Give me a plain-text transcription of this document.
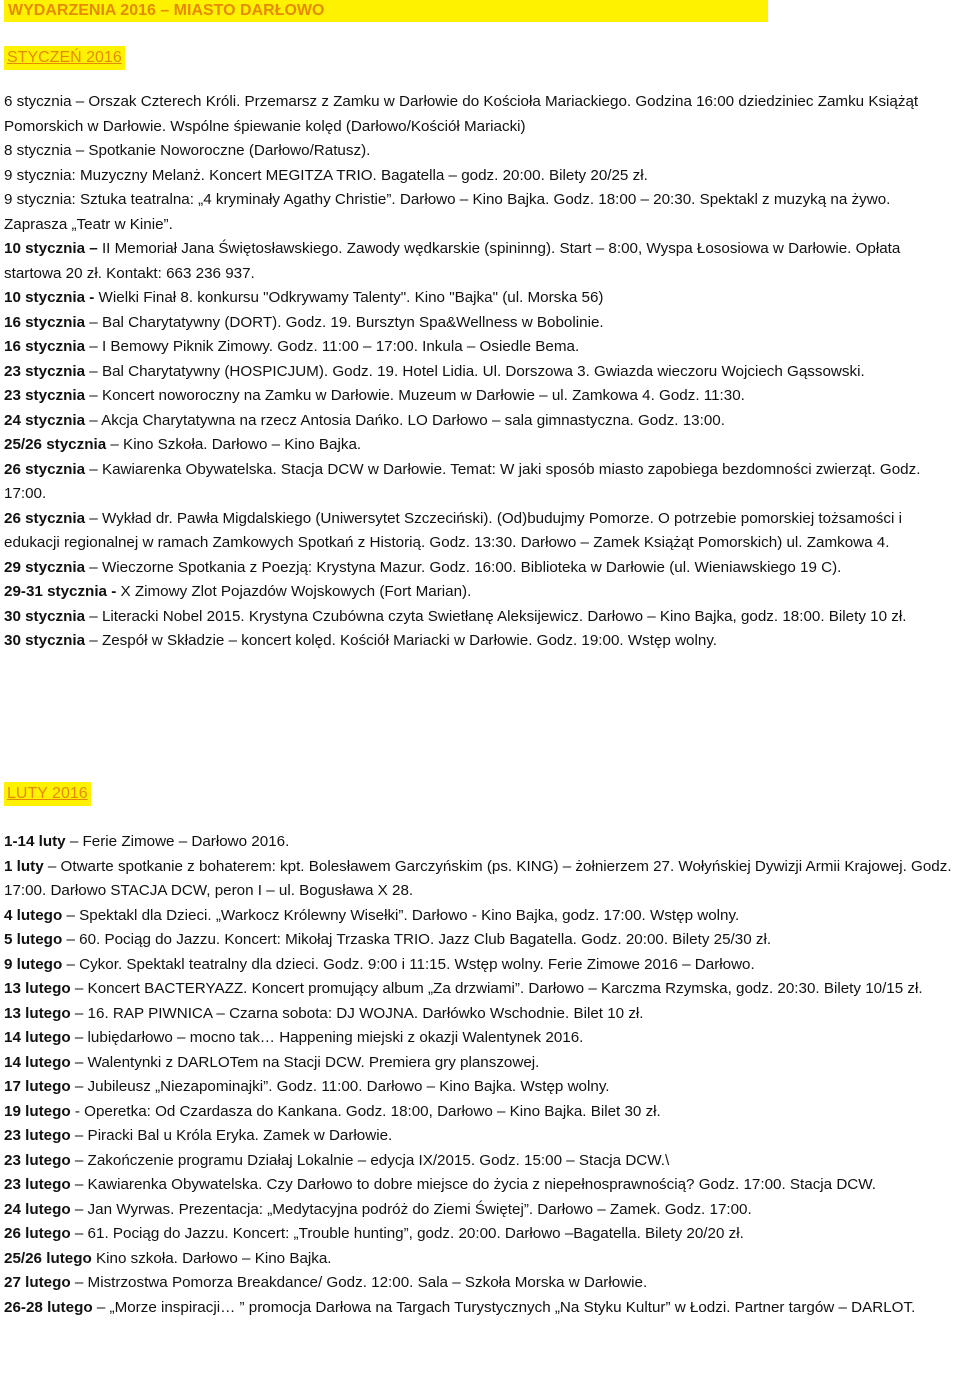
WYDARZENIA 2016 – MIASTO DARŁOWO
STYCZEŃ 2016
6 stycznia – Orszak Czterech Króli. Przemarsz z Zamku w Darłowie do Kościoła Mariackiego. Godzina 16:00 dziedziniec Zamku Książąt Pomorskich w Darłowie. Wspólne śpiewanie kolęd (Darłowo/Kościół Mariacki)
8 stycznia – Spotkanie Noworoczne (Darłowo/Ratusz).
9 stycznia: Muzyczny Melanż. Koncert MEGITZA TRIO. Bagatella – godz. 20:00. Bilety 20/25 zł.
9 stycznia: Sztuka teatralna: „4 kryminały Agathy Christie”. Darłowo – Kino Bajka. Godz. 18:00 – 20:30. Spektakl z muzyką na żywo. Zaprasza „Teatr w Kinie”.
10 stycznia – II Memoriał Jana Świętosławskiego. Zawody wędkarskie (spininng). Start – 8:00, Wyspa Łososiowa w Darłowie. Opłata startowa 20 zł. Kontakt: 663 236 937.
10 stycznia - Wielki Finał 8. konkursu "Odkrywamy Talenty". Kino "Bajka" (ul. Morska 56)
16 stycznia – Bal Charytatywny (DORT). Godz. 19. Bursztyn Spa&Wellness w Bobolinie.
16 stycznia – I Bemowy Piknik Zimowy. Godz. 11:00 – 17:00. Inkula – Osiedle Bema.
23 stycznia – Bal Charytatywny (HOSPICJUM). Godz. 19. Hotel Lidia. Ul. Dorszowa 3. Gwiazda wieczoru Wojciech Gąssowski.
23 stycznia – Koncert noworoczny na Zamku w Darłowie. Muzeum w Darłowie – ul. Zamkowa 4. Godz. 11:30.
24 stycznia – Akcja Charytatywna na rzecz Antosia Dańko. LO Darłowo – sala gimnastyczna. Godz. 13:00.
25/26 stycznia – Kino Szkoła. Darłowo – Kino Bajka.
26 stycznia – Kawiarenka Obywatelska. Stacja DCW w Darłowie. Temat: W jaki sposób miasto zapobiega bezdomności zwierząt. Godz. 17:00.
26 stycznia – Wykład dr. Pawła Migdalskiego (Uniwersytet Szczeciński). (Od)budujmy Pomorze. O potrzebie pomorskiej tożsamości i edukacji regionalnej w ramach Zamkowych Spotkań z Historią. Godz. 13:30. Darłowo – Zamek Książąt Pomorskich) ul. Zamkowa 4.
29 stycznia – Wieczorne Spotkania z Poezją: Krystyna Mazur. Godz. 16:00. Biblioteka w Darłowie (ul. Wieniawskiego 19 C).
29-31 stycznia - X Zimowy Zlot Pojazdów Wojskowych (Fort Marian).
30 stycznia – Literacki Nobel 2015. Krystyna Czubówna czyta Swietłanę Aleksijewicz. Darłowo – Kino Bajka, godz. 18:00. Bilety 10 zł.
30 stycznia – Zespół w Składzie – koncert kolęd. Kościół Mariacki w Darłowie. Godz. 19:00. Wstęp wolny.
LUTY 2016
1-14 luty – Ferie Zimowe – Darłowo 2016.
1 luty – Otwarte spotkanie z bohaterem: kpt. Bolesławem Garczyńskim (ps. KING) – żołnierzem 27. Wołyńskiej Dywizji Armii Krajowej. Godz. 17:00. Darłowo STACJA DCW, peron I – ul. Bogusława X 28.
4 lutego – Spektakl dla Dzieci. „Warkocz Królewny Wisełki”. Darłowo - Kino Bajka, godz. 17:00. Wstęp wolny.
5 lutego – 60. Pociąg do Jazzu. Koncert: Mikołaj Trzaska TRIO. Jazz Club Bagatella. Godz. 20:00. Bilety 25/30 zł.
9 lutego – Cykor. Spektakl teatralny dla dzieci. Godz. 9:00 i 11:15. Wstęp wolny. Ferie Zimowe 2016 – Darłowo.
13 lutego – Koncert BACTERYAZZ. Koncert promujący album „Za drzwiami”. Darłowo – Karczma Rzymska, godz. 20:30. Bilety 10/15 zł.
13 lutego – 16. RAP PIWNICA – Czarna sobota: DJ WOJNA. Darłówko Wschodnie. Bilet 10 zł.
14 lutego – lubiędarłowo – mocno tak… Happening miejski z okazji Walentynek 2016.
14 lutego – Walentynki z DARLOTem na Stacji DCW. Premiera gry planszowej.
17 lutego – Jubileusz „Niezapominajki”. Godz. 11:00. Darłowo – Kino Bajka. Wstęp wolny.
19 lutego - Operetka: Od Czardasza do Kankana. Godz. 18:00, Darłowo – Kino Bajka. Bilet 30 zł.
23 lutego – Piracki Bal u Króla Eryka. Zamek w Darłowie.
23 lutego – Zakończenie programu Działaj Lokalnie – edycja IX/2015. Godz. 15:00 – Stacja DCW.\
23 lutego – Kawiarenka Obywatelska. Czy Darłowo to dobre miejsce do życia z niepełnosprawnością? Godz. 17:00. Stacja DCW.
24 lutego – Jan Wyrwas. Prezentacja: „Medytacyjna podróż do Ziemi Świętej”. Darłowo – Zamek. Godz. 17:00.
26 lutego – 61. Pociąg do Jazzu. Koncert: „Trouble hunting”, godz. 20:00. Darłowo –Bagatella. Bilety 20/20 zł.
25/26 lutego Kino szkoła. Darłowo – Kino Bajka.
27 lutego – Mistrzostwa Pomorza Breakdance/ Godz. 12:00. Sala – Szkoła Morska w Darłowie.
26-28 lutego – „Morze inspiracji… ” promocja Darłowa na Targach Turystycznych „Na Styku Kultur” w Łodzi. Partner targów – DARLOT.
